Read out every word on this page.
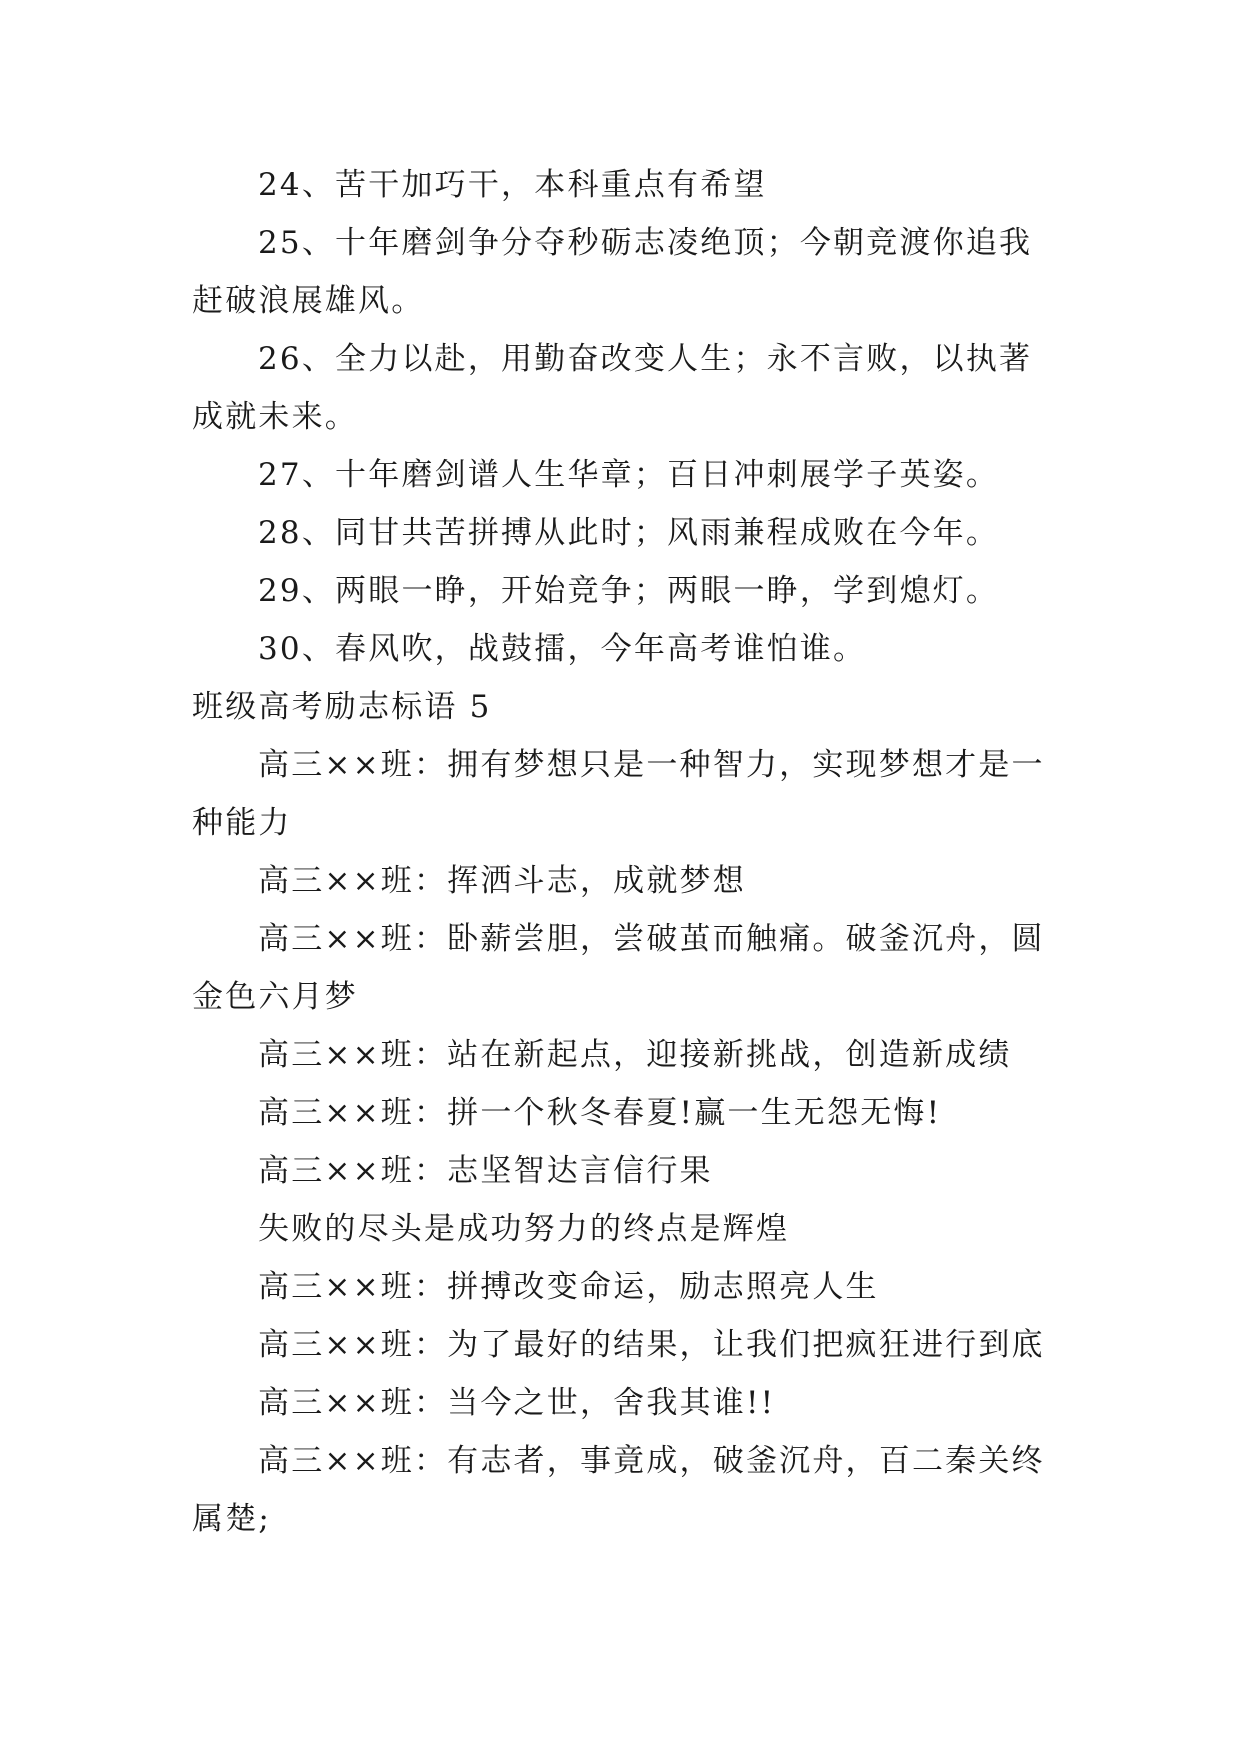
24、苦干加巧干，本科重点有希望

25、十年磨剑争分夺秒砺志凌绝顶；今朝竞渡你追我赶破浪展雄风。

26、全力以赴，用勤奋改变人生；永不言败，以执著成就未来。

27、十年磨剑谱人生华章；百日冲刺展学子英姿。

28、同甘共苦拼搏从此时；风雨兼程成败在今年。

29、两眼一睁，开始竞争；两眼一睁，学到熄灯。

30、春风吹，战鼓擂，今年高考谁怕谁。

班级高考励志标语 5

高三××班：拥有梦想只是一种智力，实现梦想才是一种能力

高三××班：挥洒斗志，成就梦想

高三××班：卧薪尝胆，尝破茧而触痛。破釜沉舟，圆金色六月梦

高三××班：站在新起点，迎接新挑战，创造新成绩

高三××班：拼一个秋冬春夏!赢一生无怨无悔!

高三××班：志坚智达言信行果

失败的尽头是成功努力的终点是辉煌

高三××班：拼搏改变命运，励志照亮人生

高三××班：为了最好的结果，让我们把疯狂进行到底

高三××班：当今之世，舍我其谁!!

高三××班：有志者，事竟成，破釜沉舟，百二秦关终属楚;
